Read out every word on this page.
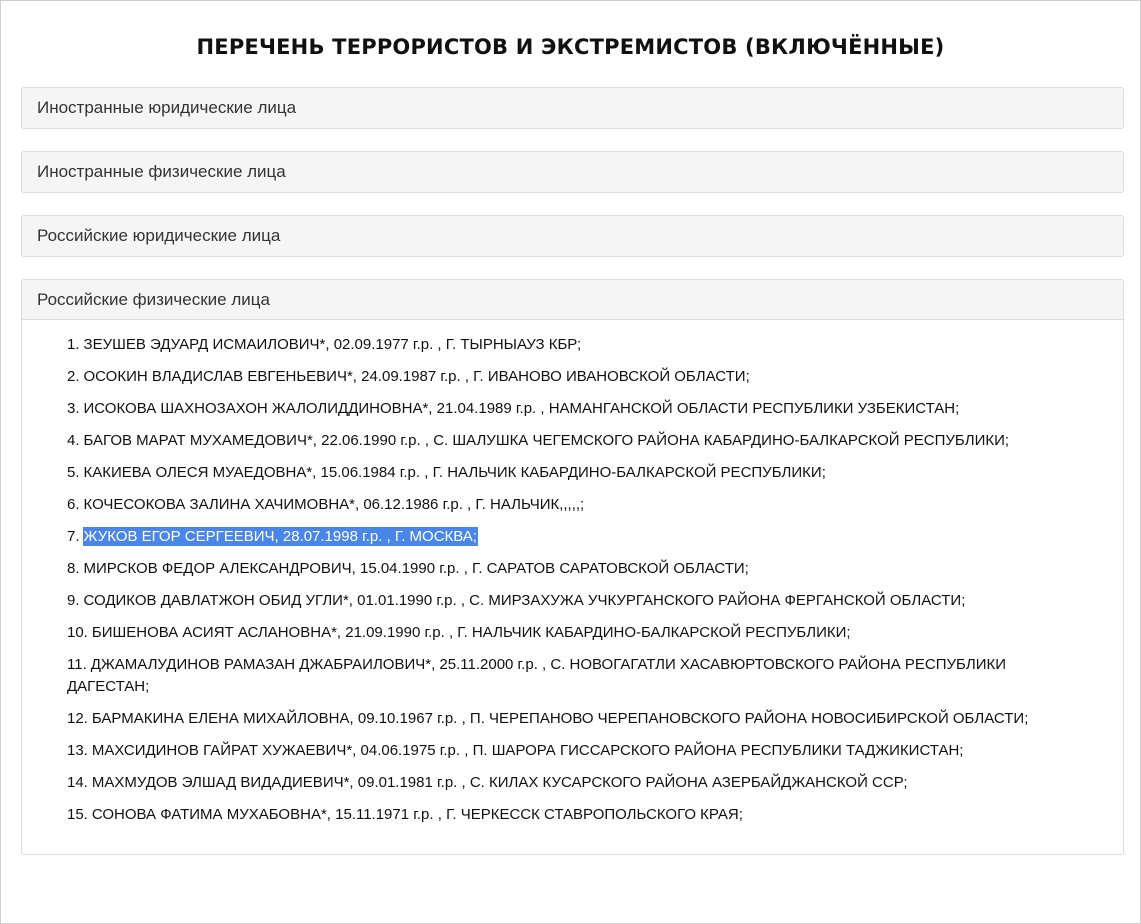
ПЕРЕЧЕНЬ ТЕРРОРИСТОВ И ЭКСТРЕМИСТОВ (ВКЛЮЧЁННЫЕ)
Иностранные юридические лица
Иностранные физические лица
Российские юридические лица
Российские физические лица
1. ЗЕУШЕВ ЭДУАРД ИСМАИЛОВИЧ*, 02.09.1977 г.р. , Г. ТЫРНЫАУЗ КБР;
2. ОСОКИН ВЛАДИСЛАВ ЕВГЕНЬЕВИЧ*, 24.09.1987 г.р. , Г. ИВАНОВО ИВАНОВСКОЙ ОБЛАСТИ;
3. ИСОКОВА ШАХНОЗАХОН ЖАЛОЛИДДИНОВНА*, 21.04.1989 г.р. , НАМАНГАНСКОЙ ОБЛАСТИ РЕСПУБЛИКИ УЗБЕКИСТАН;
4. БАГОВ МАРАТ МУХАМЕДОВИЧ*, 22.06.1990 г.р. , С. ШАЛУШКА ЧЕГЕМСКОГО РАЙОНА КАБАРДИНО-БАЛКАРСКОЙ РЕСПУБЛИКИ;
5. КАКИЕВА ОЛЕСЯ МУАЕДОВНА*, 15.06.1984 г.р. , Г. НАЛЬЧИК КАБАРДИНО-БАЛКАРСКОЙ РЕСПУБЛИКИ;
6. КОЧЕСОКОВА ЗАЛИНА ХАЧИМОВНА*, 06.12.1986 г.р. , Г. НАЛЬЧИК,,,,,;
7. ЖУКОВ ЕГОР СЕРГЕЕВИЧ, 28.07.1998 г.р. , Г. МОСКВА;
8. МИРСКОВ ФЕДОР АЛЕКСАНДРОВИЧ, 15.04.1990 г.р. , Г. САРАТОВ САРАТОВСКОЙ ОБЛАСТИ;
9. СОДИКОВ ДАВЛАТЖОН ОБИД УГЛИ*, 01.01.1990 г.р. , С. МИРЗАХУЖА УЧКУРГАНСКОГО РАЙОНА ФЕРГАНСКОЙ ОБЛАСТИ;
10. БИШЕНОВА АСИЯТ АСЛАНОВНА*, 21.09.1990 г.р. , Г. НАЛЬЧИК КАБАРДИНО-БАЛКАРСКОЙ РЕСПУБЛИКИ;
11. ДЖАМАЛУДИНОВ РАМАЗАН ДЖАБРАИЛОВИЧ*, 25.11.2000 г.р. , С. НОВОГАГАТЛИ ХАСАВЮРТОВСКОГО РАЙОНА РЕСПУБЛИКИ ДАГЕСТАН;
12. БАРМАКИНА ЕЛЕНА МИХАЙЛОВНА, 09.10.1967 г.р. , П. ЧЕРЕПАНОВО ЧЕРЕПАНОВСКОГО РАЙОНА НОВОСИБИРСКОЙ ОБЛАСТИ;
13. МАХСИДИНОВ ГАЙРАТ ХУЖАЕВИЧ*, 04.06.1975 г.р. , П. ШАРОРА ГИССАРСКОГО РАЙОНА РЕСПУБЛИКИ ТАДЖИКИСТАН;
14. МАХМУДОВ ЭЛШАД ВИДАДИЕВИЧ*, 09.01.1981 г.р. , С. КИЛАХ КУСАРСКОГО РАЙОНА АЗЕРБАЙДЖАНСКОЙ ССР;
15. СОНОВА ФАТИМА МУХАБОВНА*, 15.11.1971 г.р. , Г. ЧЕРКЕССК СТАВРОПОЛЬСКОГО КРАЯ;
